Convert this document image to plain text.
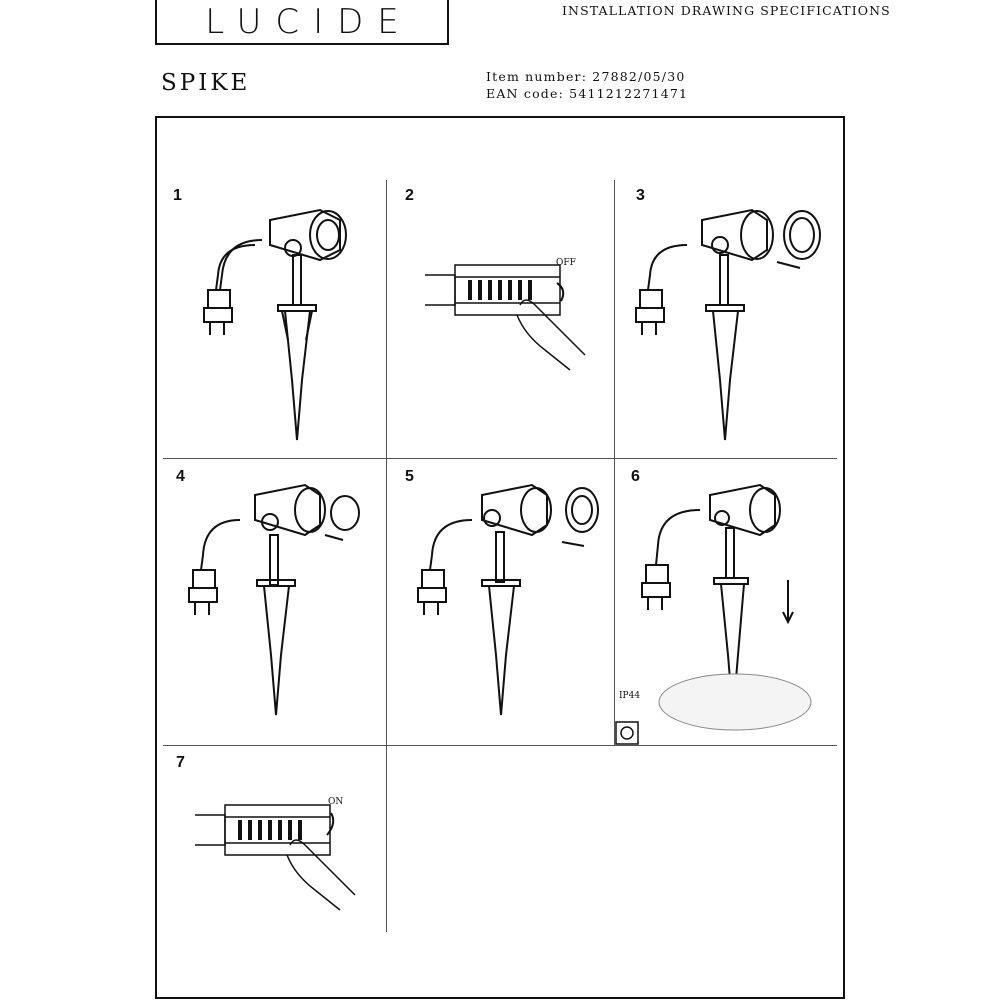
LUCIDE	INSTALLATION DRAWING SPECIFICATIONS
SPIKE	Item number: 27882/05/30
EAN code: 5411212271471
1	2	3
4	5	6
7
OFF
IP44
ON
